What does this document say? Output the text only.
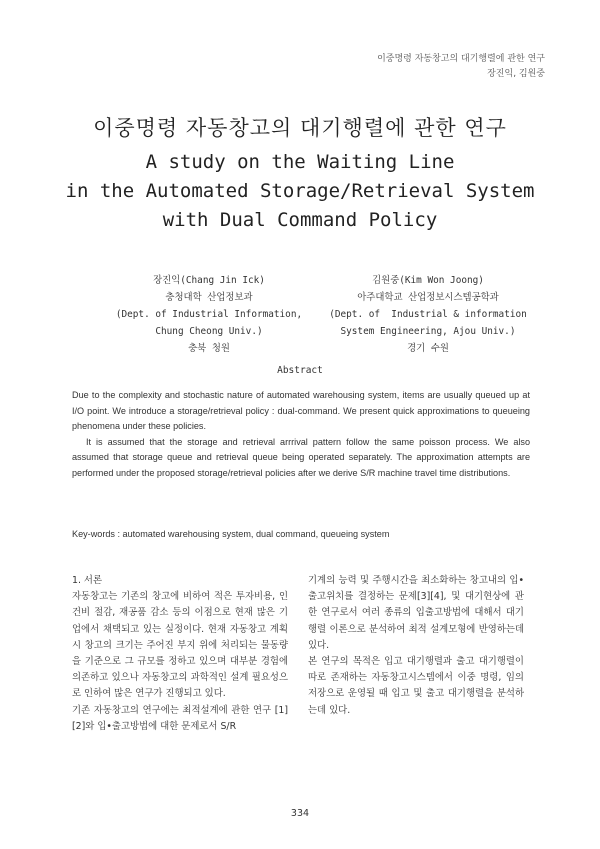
이중명령 자동창고의 대기행렬에 관한 연구
장진익, 김원중
이중명령 자동창고의 대기행렬에 관한 연구
A study on the Waiting Line
in the Automated Storage/Retrieval System
with Dual Command Policy
장진익(Chang Jin Ick)
충청대학 산업정보과
(Dept. of Industrial Information,
Chung Cheong Univ.)
충북 청원
김원중(Kim Won Joong)
아주대학교 산업정보시스템공학과
(Dept. of  Industrial & information
System Engineering, Ajou Univ.)
경기 수원
Abstract

Due to the complexity and stochastic nature of automated warehousing system, items are usually queued up at I/O point. We introduce a storage/retrieval policy : dual-command. We present quick approximations to queueing phenomena under these policies.

It is assumed that the storage and retrieval arrrival pattern follow the same poisson process. We also assumed that storage queue and retrieval queue being operated separately. The approximation attempts are performed under the proposed storage/retrieval policies after we derive S/R machine travel time distributions.

Key-words : automated warehousing system, dual command, queueing system

1. 서론

자동창고는 기존의 창고에 비하여 적은 투자비용, 인건비 절감, 재공품 감소 등의 이점으로 현재 많은 기업에서 채택되고 있는 실정이다. 현재 자동창고 계획시 창고의 크기는 주어진 부지 위에 처리되는 물동량을 기준으로 그 규모를 정하고 있으며 대부분 경험에 의존하고 있으나 자동창고의 과학적인 설계 필요성으로 인하여 많은 연구가 진행되고 있다.

기존 자동창고의 연구에는 최적설계에 관한 연구 [1][2]와 입•출고방법에 대한 문제로서 S/R

기계의 능력 및 주행시간을 최소화하는 창고내의 입•출고위치를 결정하는 문제[3][4], 및 대기현상에 관한 연구로서 여러 종류의 입출고방법에 대해서 대기행렬 이론으로 분석하여 최적 설계모형에 반영하는데 있다.

본 연구의 목적은 입고 대기행렬과 출고 대기행렬이 따로 존재하는 자동창고시스템에서 이중 명령, 임의 저장으로 운영될 때 입고 및 출고 대기행렬을 분석하는데 있다.

334
